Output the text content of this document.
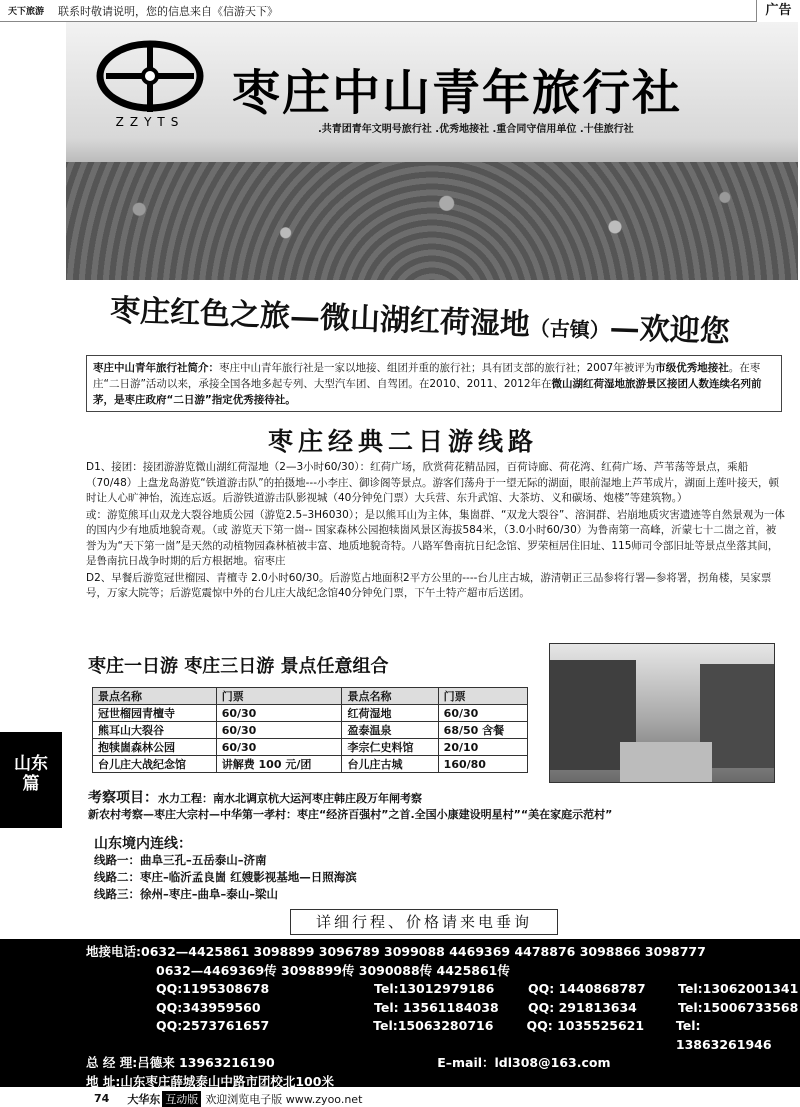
天下旅游 联系时敬请说明，您的信息来自《信游天下》	广告
ZZYTS
枣庄中山青年旅行社
.共青团青年文明号旅行社 .优秀地接社 .重合同守信用单位 .十佳旅行社
山东
篇
枣庄红色之旅—微山湖红荷湿地（古镇）—欢迎您
枣庄中山青年旅行社简介：枣庄中山青年旅行社是一家以地接、组团并重的旅行社；具有团支部的旅行社；2007年被评为市级优秀地接社。在枣庄“二日游”活动以来，承接全国各地多起专列、大型汽车团、自驾团。在2010、2011、2012年在微山湖红荷湿地旅游景区接团人数连续名列前茅，是枣庄政府“二日游”指定优秀接待社。
枣庄经典二日游线路

D1、接团：接团游游览微山湖红荷湿地（2—3小时60/30）：红荷广场，欣赏荷花精品园，百荷诗廊、荷花湾、红荷广场、芦苇荡等景点，乘船（70/48）上盘龙岛游览“铁道游击队”的拍摄地---小李庄、御诊阁等景点。游客们荡舟于一望无际的湖面，眼前湿地上芦苇成片，湖面上莲叶接天，顿时让人心旷神怡，流连忘返。后游铁道游击队影视城（40分钟免门票）大兵营、东升武馆、大茶坊、义和碳场、炮楼”等建筑物。）

或：游览熊耳山双龙大裂谷地质公园（游览2.5–3H6030）；是以熊耳山为主体，集崮群、“双龙大裂谷”、溶洞群、岩崩地质灾害遗迹等自然景观为一体的国内少有地质地貌奇观。（或 游览天下第一崮-- 国家森林公园抱犊崮风景区海拔584米，（3.0小时60/30）为鲁南第一高峰，沂蒙七十二崮之首，被誉为为“天下第一崮”是天然的动植物园森林植被丰富、地质地貌奇特。八路军鲁南抗日纪念馆、罗荣桓居住旧址、115师司令部旧址等景点坐落其间，是鲁南抗日战争时期的后方根据地。宿枣庄

D2、早餐后游览冠世榴园、青檀寺 2.0小时60/30。后游览占地面积2平方公里的----台儿庄古城，游清朝正三品参将行署—参将署，拐角楼，吴家票号，万家大院等；后游览震惊中外的台儿庄大战纪念馆40分钟免门票，下午土特产超市后送团。

枣庄一日游 枣庄三日游 景点任意组合
景点名称	门票	景点名称	门票
冠世榴园青檀寺	60/30	红荷湿地	60/30
熊耳山大裂谷	60/30	盈泰温泉	68/50 含餐
抱犊崮森林公园	60/30	李宗仁史料馆	20/10
台儿庄大战纪念馆	讲解费 100 元/团	台儿庄古城	160/80
考察项目：水力工程：南水北调京杭大运河枣庄韩庄段万年闸考察
新农村考察—枣庄大宗村—中华第一孝村：枣庄“经济百强村”之首.全国小康建设明星村”“美在家庭示范村”
山东境内连线：
线路一：曲阜三孔–五岳泰山–济南
线路二：枣庄–临沂孟良崮 红嫂影视基地—日照海滨
线路三：徐州–枣庄–曲阜–泰山–梁山
详细行程、价格请来电垂询
地接电话: 0632—4425861 3098899 3096789 3099088 4469369 4478876 3098866 3098777
0632—4469369传 3098899传 3090088传 4425861传
QQ:1195308678	Tel:13012979186	QQ: 1440868787	Tel:13062001341
QQ:343959560	Tel: 13561184038	QQ: 291813634	Tel:15006733568
QQ:2573761657	Tel:15063280716	QQ: 1035525621	Tel: 13863261946
总 经 理: 吕德来 13963216190	E–mail：ldl308@163.com
地 址: 山东枣庄薛城泰山中路市团校北100米
74 大华东 互动版 欢迎浏览电子版 www.zyoo.net
